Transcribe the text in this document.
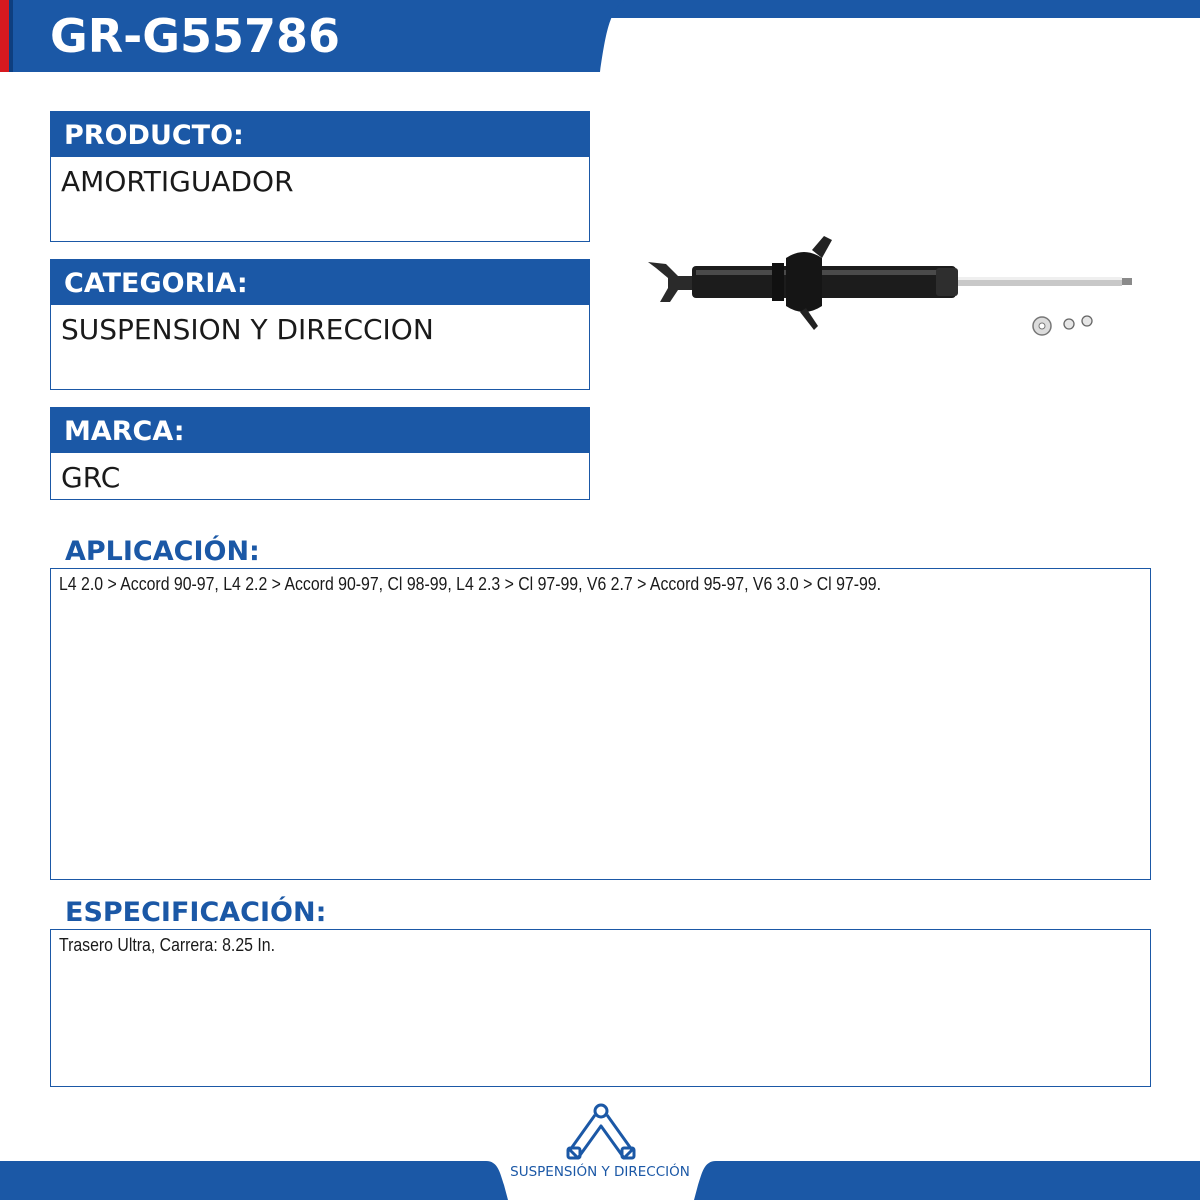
GR-G55786
PRODUCTO:
AMORTIGUADOR
CATEGORIA:
SUSPENSION Y DIRECCION
MARCA:
GRC
APLICACIÓN:
L4 2.0 > Accord 90-97, L4 2.2 > Accord 90-97, Cl 98-99, L4 2.3 > Cl 97-99, V6 2.7 > Accord 95-97, V6 3.0 > Cl 97-99.
ESPECIFICACIÓN:
Trasero Ultra, Carrera: 8.25 In.
SUSPENSIÓN Y DIRECCIÓN
